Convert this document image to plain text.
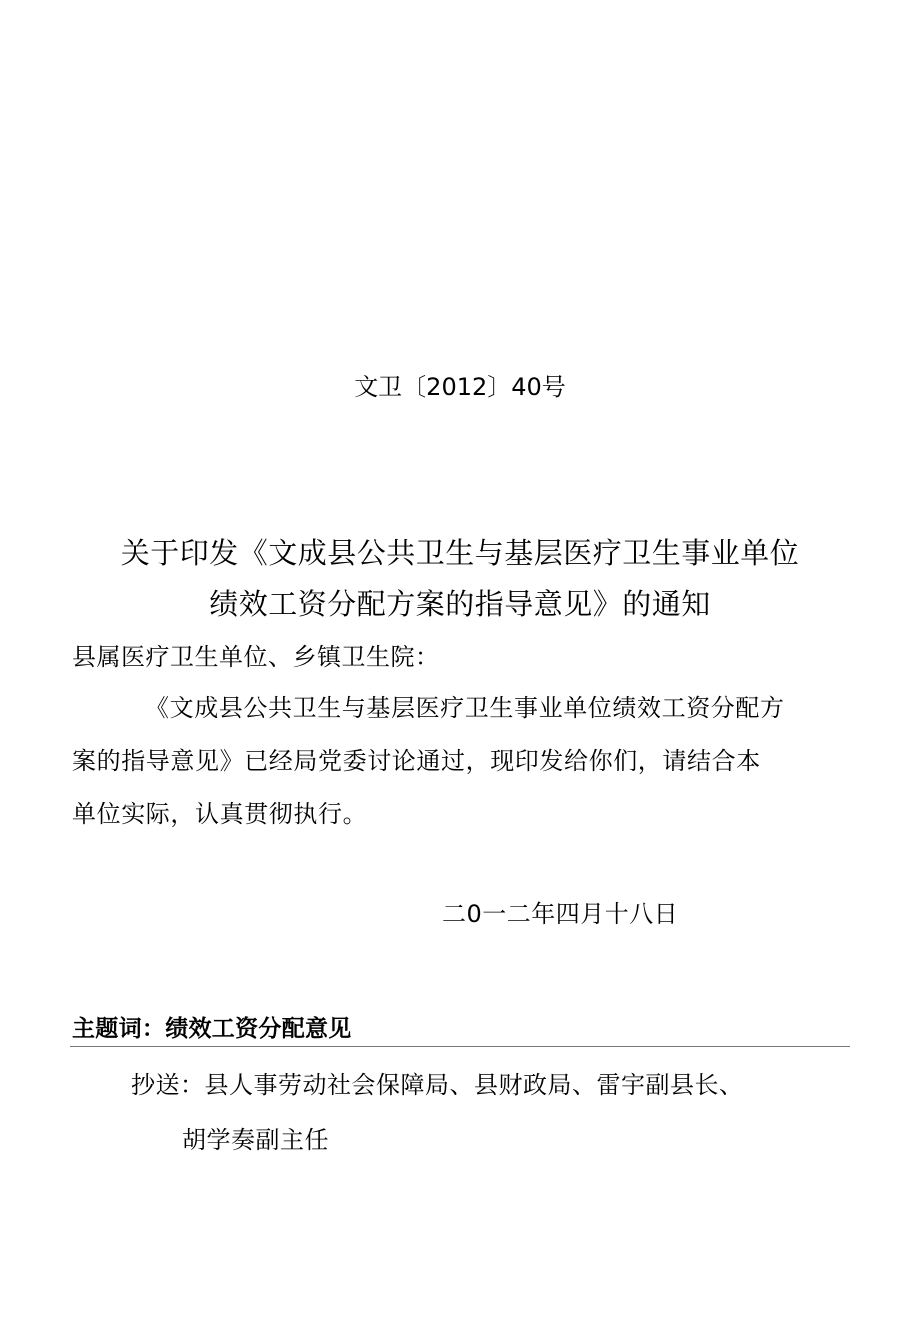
文卫〔2012〕40号
关于印发《文成县公共卫生与基层医疗卫生事业单位
绩效工资分配方案的指导意见》的通知
县属医疗卫生单位、乡镇卫生院：
《文成县公共卫生与基层医疗卫生事业单位绩效工资分配方
案的指导意见》已经局党委讨论通过，现印发给你们，请结合本
单位实际，认真贯彻执行。
二0一二年四月十八日
主题词：绩效工资分配意见
抄送：县人事劳动社会保障局、县财政局、雷宇副县长、
胡学奏副主任
